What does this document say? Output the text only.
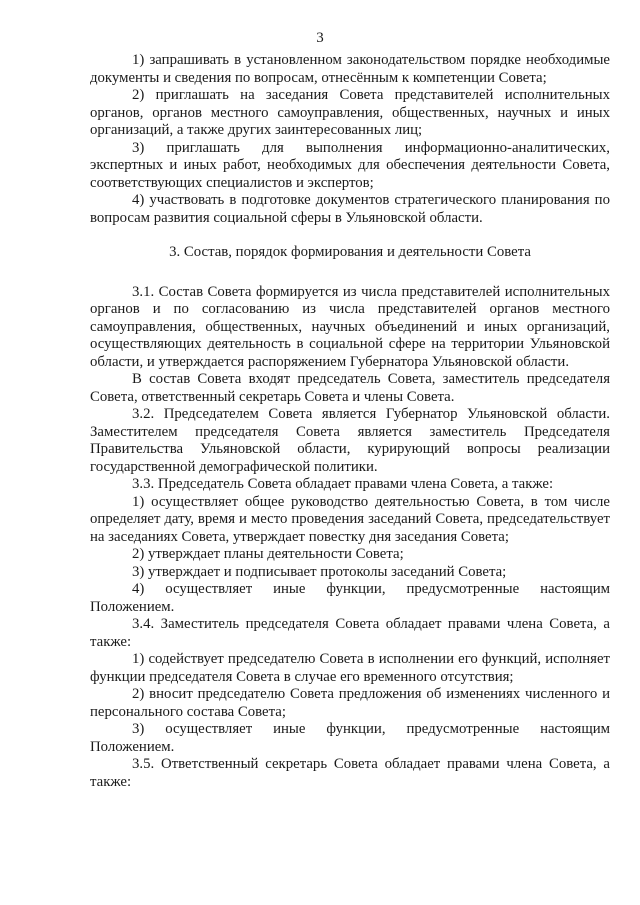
3

1) запрашивать в установленном законодательством порядке необходимые документы и сведения по вопросам, отнесённым к компетенции Совета;

2) приглашать на заседания Совета представителей исполнительных органов, органов местного самоуправления, общественных, научных и иных организаций, а также других заинтересованных лиц;

3) приглашать для выполнения информационно-аналитических, экспертных и иных работ, необходимых для обеспечения деятельности Совета, соответствующих специалистов и экспертов;

4) участвовать в подготовке документов стратегического планирования по вопросам развития социальной сферы в Ульяновской области.

3. Состав, порядок формирования и деятельности Совета

3.1. Состав Совета формируется из числа представителей исполнительных органов и по согласованию из числа представителей органов местного самоуправления, общественных, научных объединений и иных организаций, осуществляющих деятельность в социальной сфере на территории Ульяновской области, и утверждается распоряжением Губернатора Ульяновской области.

В состав Совета входят председатель Совета, заместитель председателя Совета, ответственный секретарь Совета и члены Совета.

3.2. Председателем Совета является Губернатор Ульяновской области. Заместителем председателя Совета является заместитель Председателя Правительства Ульяновской области, курирующий вопросы реализации государственной демографической политики.

3.3. Председатель Совета обладает правами члена Совета, а также:

1) осуществляет общее руководство деятельностью Совета, в том числе определяет дату, время и место проведения заседаний Совета, председательствует на заседаниях Совета, утверждает повестку дня заседания Совета;

2) утверждает планы деятельности Совета;

3) утверждает и подписывает протоколы заседаний Совета;

4) осуществляет иные функции, предусмотренные настоящим Положением.

3.4. Заместитель председателя Совета обладает правами члена Совета, а также:

1) содействует председателю Совета в исполнении его функций, исполняет функции председателя Совета в случае его временного отсутствия;

2) вносит председателю Совета предложения об изменениях численного и персонального состава Совета;

3) осуществляет иные функции, предусмотренные настоящим Положением.

3.5. Ответственный секретарь Совета обладает правами члена Совета, а также:
